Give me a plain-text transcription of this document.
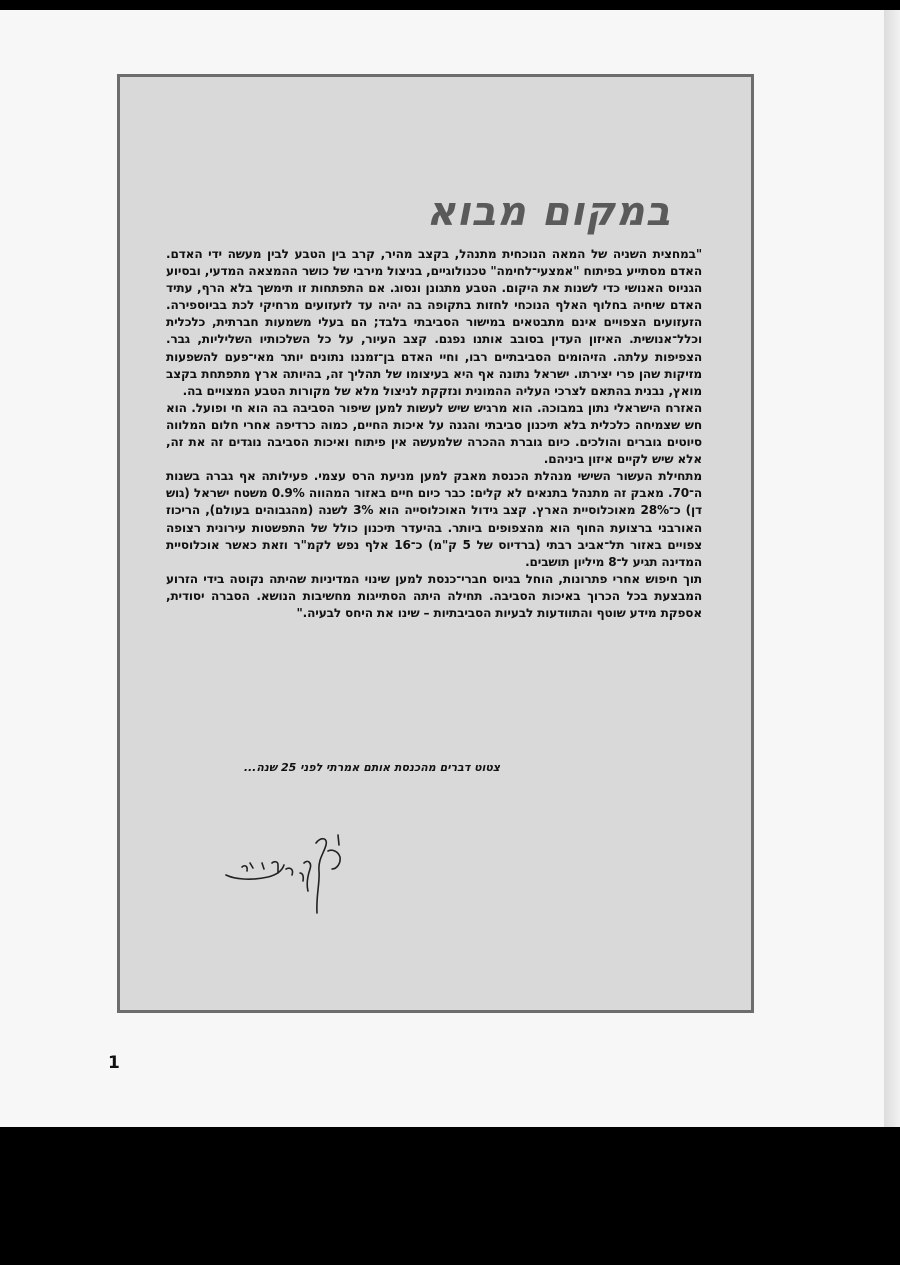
במקום מבוא

"במחצית השניה של המאה הנוכחית מתנהל, בקצב מהיר, קרב בין הטבע לבין מעשה ידי האדם. האדם מסתייע בפיתוח "אמצעי־לחימה" טכנולוגיים, בניצול מירבי של כושר ההמצאה המדעי, ובסיוע הגניוס האנושי כדי לשנות את היקום. הטבע מתגונן ונסוג. אם התפתחות זו תימשך בלא הרף, עתיד האדם שיחיה בחלוף האלף הנוכחי לחזות בתקופה בה יהיה עד לזעזועים מרחיקי לכת בביוספירה. הזעזועים הצפויים אינם מתבטאים במישור הסביבתי בלבד; הם בעלי משמעות חברתית, כלכלית וכלל־אנושית. האיזון העדין בסובב אותנו נפגם. קצב העיור, על כל השלכותיו השליליות, גבר. הצפיפות עלתה. הזיהומים הסביבתיים רבו, וחיי האדם בן־זמננו נתונים יותר מאי־פעם להשפעות מזיקות שהן פרי יצירתו. ישראל נתונה אף היא בעיצומו של תהליך זה, בהיותה ארץ מתפתחת בקצב מואץ, נבנית בהתאם לצרכי העליה ההמונית ונזקקת לניצול מלא של מקורות הטבע המצויים בה.

האזרח הישראלי נתון במבוכה. הוא מרגיש שיש לעשות למען שיפור הסביבה בה הוא חי ופועל. הוא חש שצמיחה כלכלית בלא תיכנון סביבתי והגנה על איכות החיים, כמוה כרדיפה אחרי חלום המלווה סיוטים גוברים והולכים. כיום גוברת ההכרה שלמעשה אין פיתוח ואיכות הסביבה נוגדים זה את זה, אלא שיש לקיים איזון ביניהם.

מתחילת העשור השישי מנהלת הכנסת מאבק למען מניעת הרס עצמי. פעילותה אף גברה בשנות ה־70. מאבק זה מתנהל בתנאים לא קלים: כבר כיום חיים באזור המהווה 0.9% משטח ישראל (גוש דן) כ־28% מאוכלוסיית הארץ. קצב גידול האוכלוסייה הוא 3% לשנה (מהגבוהים בעולם), הריכוז האורבני ברצועת החוף הוא מהצפופים ביותר. בהיעדר תיכנון כולל של התפשטות עירונית רצופה צפויים באזור תל־אביב רבתי (ברדיוס של 5 ק"מ) כ־16 אלף נפש לקמ"ר וזאת כאשר אוכלוסיית המדינה תגיע ל־8 מיליון תושבים.

תוך חיפוש אחרי פתרונות, הוחל בגיוס חברי־כנסת למען שינוי המדיניות שהיתה נקוטה בידי הזרוע המבצעת בכל הכרוך באיכות הסביבה. תחילה היתה הסתייגות מחשיבות הנושא. הסברה יסודית, אספקת מידע שוטף והתוודעות לבעיות הסביבתיות – שינו את היחס לבעיה."

צטוט דברים מהכנסת אותם אמרתי לפני 25 שנה...

1
